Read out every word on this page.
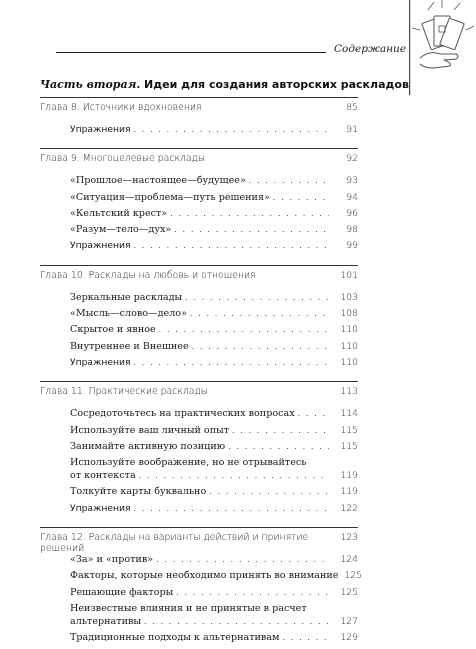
Содержание
Часть вторая. Идеи для создания авторских раскладов
Глава 8. Источники вдохновения	85
Упражнения . . .	91
Глава 9. Многоцелевые расклады	92
«Прошлое—настоящее—будущее» . . .	93
«Ситуация—проблема—путь решения» . . .	94
«Кельтский крест» . . .	96
«Разум—тело—дух» . . .	98
Упражнения . . .	99
Глава 10. Расклады на любовь и отношения	101
Зеркальные расклады . . .	103
«Мысль—слово—дело» . . .	108
Скрытое и явное . . .	110
Внутреннее и Внешнее . . .	110
Упражнения . . .	110
Глава 11. Практические расклады	113
Сосредоточьтесь на практических вопросах . . .	114
Используйте ваш личный опыт . . .	115
Занимайте активную позицию . . .	115
Используйте воображение, но не отрывайтесь
от контекста . . .	119
Толкуйте карты буквально . . .	119
Упражнения . . .	122
Глава 12. Расклады на варианты действий и принятие решений
123
«За» и «против» . . .	124
Факторы, которые необходимо принять во внимание 125
Решающие факторы . . .	125
Неизвестные влияния и не принятые в расчет
альтернативы . . .	127
Традиционные подходы к альтернативам . . .	129
